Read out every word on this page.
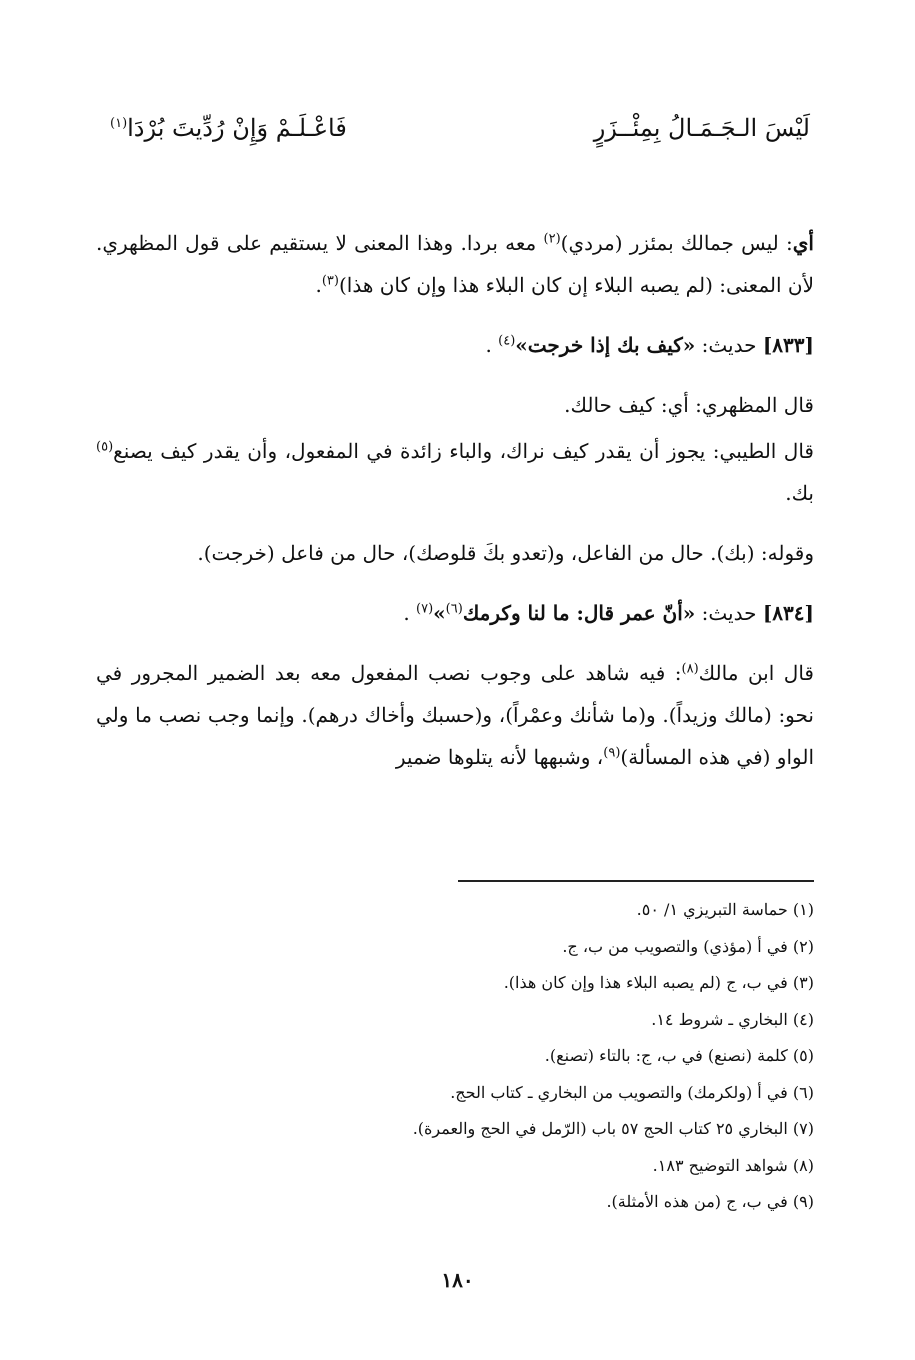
لَيْسَ الـجَـمَـالُ بِمِئْــزَرٍ
فَاعْـلَـمْ وَإِنْ رُدِّيتَ بُرْدَا$^{(١)}$

أي: ليس جمالك بمئزر (مردي)$^{(٢)}$ معه بردا. وهذا المعنى لا يستقيم على قول المظهري. لأن المعنى: (لم يصبه البلاء إن كان البلاء هذا وإن كان هذا)$^{(٣)}$.

[٨٣٣] حديث: «كيف بك إذا خرجت»$^{(٤)}$ .

قال المظهري: أي: كيف حالك.

قال الطيبي: يجوز أن يقدر كيف نراك، والباء زائدة في المفعول، وأن يقدر كيف يصنع$^{(٥)}$ بك.

وقوله: (بك). حال من الفاعل، و(تعدو بكَ قلوصك)، حال من فاعل (خرجت).

[٨٣٤] حديث: «أنّ عمر قال: ما لنا وكرمك$^{(٦)}$»$^{(٧)}$ .

قال ابن مالك$^{(٨)}$: فيه شاهد على وجوب نصب المفعول معه بعد الضمير المجرور في نحو: (مالك وزيداً). و(ما شأنك وعمْراً)، و(حسبك وأخاك درهم). وإنما وجب نصب ما ولي الواو (في هذه المسألة)$^{(٩)}$، وشبهها لأنه يتلوها ضمير

(١) حماسة التبريزي ١/ ٥٠.
(٢) في أ (مؤذي) والتصويب من ب، ج.
(٣) في ب، ج (لم يصبه البلاء هذا وإن كان هذا).
(٤) البخاري ـ شروط ١٤.
(٥) كلمة (نصنع) في ب، ج: بالتاء (تصنع).
(٦) في أ (ولكرمك) والتصويب من البخاري ـ كتاب الحج.
(٧) البخاري ٢٥ كتاب الحج ٥٧ باب (الرّمل في الحج والعمرة).
(٨) شواهد التوضيح ١٨٣.
(٩) في ب، ج (من هذه الأمثلة).
١٨٠
